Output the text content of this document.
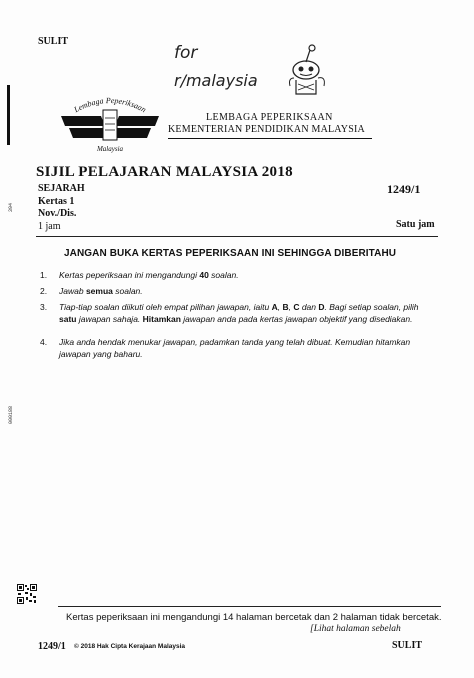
394
000188
SULIT
for
r/malaysia
Lembaga Peperiksaan
Malaysia
LEMBAGA PEPERIKSAAN
KEMENTERIAN PENDIDIKAN MALAYSIA
SIJIL PELAJARAN MALAYSIA 2018
SEJARAH	1249/1
Kertas 1
Nov./Dis.
1 jam	Satu jam
JANGAN BUKA KERTAS PEPERIKSAAN INI SEHINGGA DIBERITAHU
1. Kertas peperiksaan ini mengandungi 40 soalan.
2. Jawab semua soalan.
3. Tiap-tiap soalan diikuti oleh empat pilihan jawapan, iaitu A, B, C dan D. Bagi setiap soalan, pilih satu jawapan sahaja. Hitamkan jawapan anda pada kertas jawapan objektif yang disediakan.
4. Jika anda hendak menukar jawapan, padamkan tanda yang telah dibuat. Kemudian hitamkan jawapan yang baharu.
Kertas peperiksaan ini mengandungi 14 halaman bercetak dan 2 halaman tidak bercetak.
[Lihat halaman sebelah
1249/1 © 2018 Hak Cipta Kerajaan Malaysia	SULIT
